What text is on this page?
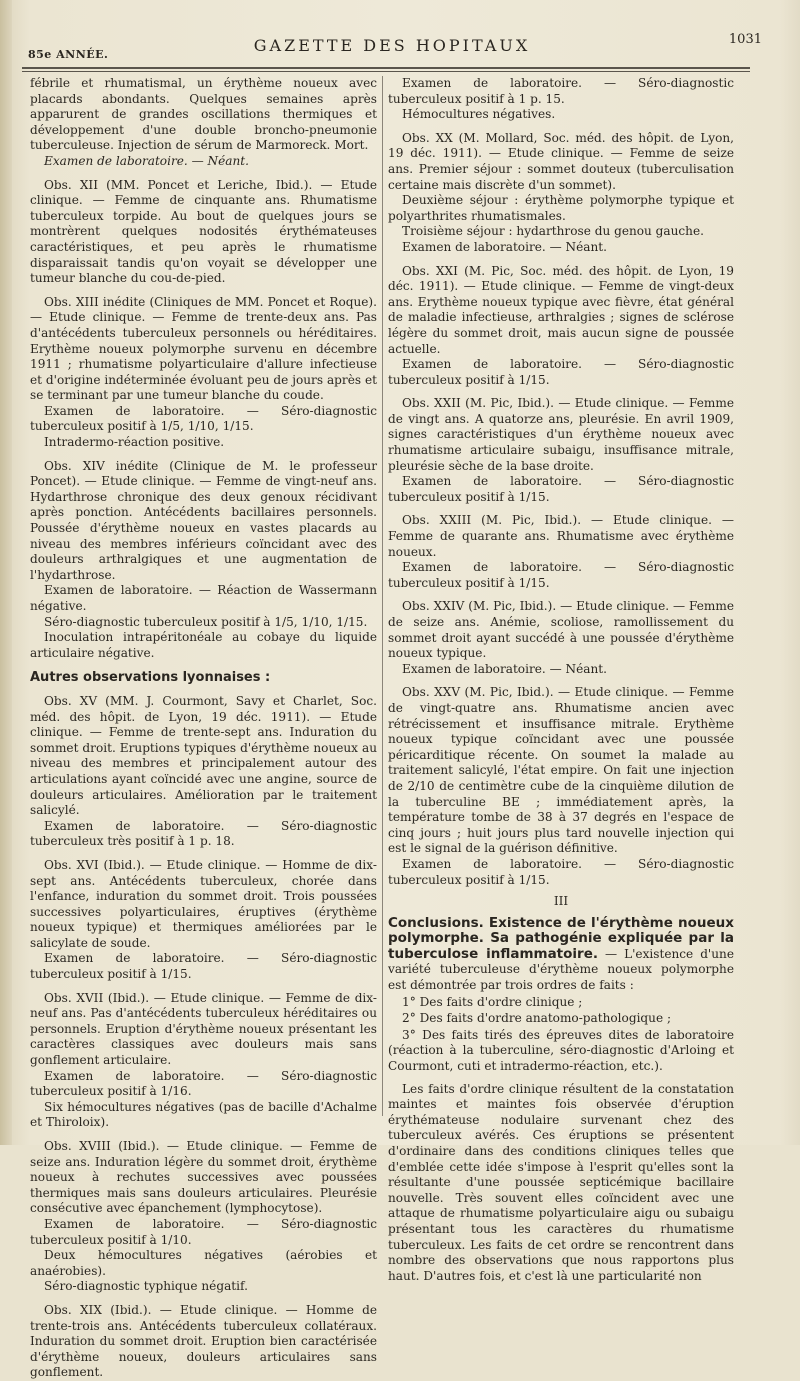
85e ANNÉE.	GAZETTE DES HOPITAUX	1031

fébrile et rhumatismal, un érythème noueux avec placards abondants. Quelques semaines après apparurent de grandes oscillations thermiques et développement d'une double broncho-pneumonie tuberculeuse. Injection de sérum de Marmoreck. Mort.

Examen de laboratoire. — Néant.

Obs. XII (MM. Poncet et Leriche, Ibid.). — Etude clinique. — Femme de cinquante ans. Rhumatisme tuberculeux torpide. Au bout de quelques jours se montrèrent quelques nodosités érythémateuses caractéristiques, et peu après le rhumatisme disparaissait tandis qu'on voyait se développer une tumeur blanche du cou-de-pied.

Obs. XIII inédite (Cliniques de MM. Poncet et Roque). — Etude clinique. — Femme de trente-deux ans. Pas d'antécédents tuberculeux personnels ou héréditaires. Erythème noueux polymorphe survenu en décembre 1911 ; rhumatisme polyarticulaire d'allure infectieuse et d'origine indéterminée évoluant peu de jours après et se terminant par une tumeur blanche du coude.

Examen de laboratoire. — Séro-diagnostic tuberculeux positif à 1/5, 1/10, 1/15.

Intradermo-réaction positive.

Obs. XIV inédite (Clinique de M. le professeur Poncet). — Etude clinique. — Femme de vingt-neuf ans. Hydarthrose chronique des deux genoux récidivant après ponction. Antécédents bacillaires personnels. Poussée d'érythème noueux en vastes placards au niveau des membres inférieurs coïncidant avec des douleurs arthralgiques et une augmentation de l'hydarthrose.

Examen de laboratoire. — Réaction de Wassermann négative.

Séro-diagnostic tuberculeux positif à 1/5, 1/10, 1/15.

Inoculation intrapéritonéale au cobaye du liquide articulaire négative.

Autres observations lyonnaises :

Obs. XV (MM. J. Courmont, Savy et Charlet, Soc. méd. des hôpit. de Lyon, 19 déc. 1911). — Etude clinique. — Femme de trente-sept ans. Induration du sommet droit. Eruptions typiques d'érythème noueux au niveau des membres et principalement autour des articulations ayant coïncidé avec une angine, source de douleurs articulaires. Amélioration par le traitement salicylé.

Examen de laboratoire. — Séro-diagnostic tuberculeux très positif à 1 p. 18.

Obs. XVI (Ibid.). — Etude clinique. — Homme de dix-sept ans. Antécédents tuberculeux, chorée dans l'enfance, induration du sommet droit. Trois poussées successives polyarticulaires, éruptives (érythème noueux typique) et thermiques améliorées par le salicylate de soude.

Examen de laboratoire. — Séro-diagnostic tuberculeux positif à 1/15.

Obs. XVII (Ibid.). — Etude clinique. — Femme de dix-neuf ans. Pas d'antécédents tuberculeux héréditaires ou personnels. Eruption d'érythème noueux présentant les caractères classiques avec douleurs mais sans gonflement articulaire.

Examen de laboratoire. — Séro-diagnostic tuberculeux positif à 1/16.

Six hémocultures négatives (pas de bacille d'Achalme et Thiroloix).

Obs. XVIII (Ibid.). — Etude clinique. — Femme de seize ans. Induration légère du sommet droit, érythème noueux à rechutes successives avec poussées thermiques mais sans douleurs articulaires. Pleurésie consécutive avec épanchement (lymphocytose).

Examen de laboratoire. — Séro-diagnostic tuberculeux positif à 1/10.

Deux hémocultures négatives (aérobies et anaérobies).

Séro-diagnostic typhique négatif.

Obs. XIX (Ibid.). — Etude clinique. — Homme de trente-trois ans. Antécédents tuberculeux collatéraux. Induration du sommet droit. Eruption bien caractérisée d'érythème noueux, douleurs articulaires sans gonflement.

Examen de laboratoire. — Séro-diagnostic tuberculeux positif à 1 p. 15.

Hémocultures négatives.

Obs. XX (M. Mollard, Soc. méd. des hôpit. de Lyon, 19 déc. 1911). — Etude clinique. — Femme de seize ans. Premier séjour : sommet douteux (tuberculisation certaine mais discrète d'un sommet).

Deuxième séjour : érythème polymorphe typique et polyarthrites rhumatismales.

Troisième séjour : hydarthrose du genou gauche.

Examen de laboratoire. — Néant.

Obs. XXI (M. Pic, Soc. méd. des hôpit. de Lyon, 19 déc. 1911). — Etude clinique. — Femme de vingt-deux ans. Erythème noueux typique avec fièvre, état général de maladie infectieuse, arthralgies ; signes de sclérose légère du sommet droit, mais aucun signe de poussée actuelle.

Examen de laboratoire. — Séro-diagnostic tuberculeux positif à 1/15.

Obs. XXII (M. Pic, Ibid.). — Etude clinique. — Femme de vingt ans. A quatorze ans, pleurésie. En avril 1909, signes caractéristiques d'un érythème noueux avec rhumatisme articulaire subaigu, insuffisance mitrale, pleurésie sèche de la base droite.

Examen de laboratoire. — Séro-diagnostic tuberculeux positif à 1/15.

Obs. XXIII (M. Pic, Ibid.). — Etude clinique. — Femme de quarante ans. Rhumatisme avec érythème noueux.

Examen de laboratoire. — Séro-diagnostic tuberculeux positif à 1/15.

Obs. XXIV (M. Pic, Ibid.). — Etude clinique. — Femme de seize ans. Anémie, scoliose, ramollissement du sommet droit ayant succédé à une poussée d'érythème noueux typique.

Examen de laboratoire. — Néant.

Obs. XXV (M. Pic, Ibid.). — Etude clinique. — Femme de vingt-quatre ans. Rhumatisme ancien avec rétrécissement et insuffisance mitrale. Erythème noueux typique coïncidant avec une poussée péricarditique récente. On soumet la malade au traitement salicylé, l'état empire. On fait une injection de 2/10 de centimètre cube de la cinquième dilution de la tuberculine BE ; immédiatement après, la température tombe de 38 à 37 degrés en l'espace de cinq jours ; huit jours plus tard nouvelle injection qui est le signal de la guérison définitive.

Examen de laboratoire. — Séro-diagnostic tuberculeux positif à 1/15.

III

Conclusions. Existence de l'érythème noueux polymorphe. Sa pathogénie expliquée par la tuberculose inflammatoire. — L'existence d'une variété tuberculeuse d'érythème noueux polymorphe est démontrée par trois ordres de faits :

1° Des faits d'ordre clinique ;

2° Des faits d'ordre anatomo-pathologique ;

3° Des faits tirés des épreuves dites de laboratoire (réaction à la tuberculine, séro-diagnostic d'Arloing et Courmont, cuti et intradermo-réaction, etc.).

Les faits d'ordre clinique résultent de la constatation maintes et maintes fois observée d'éruption érythémateuse nodulaire survenant chez des tuberculeux avérés. Ces éruptions se présentent d'ordinaire dans des conditions cliniques telles que d'emblée cette idée s'impose à l'esprit qu'elles sont la résultante d'une poussée septicémique bacillaire nouvelle. Très souvent elles coïncident avec une attaque de rhumatisme polyarticulaire aigu ou subaigu présentant tous les caractères du rhumatisme tuberculeux. Les faits de cet ordre se rencontrent dans nombre des observations que nous rapportons plus haut. D'autres fois, et c'est là une particularité non
